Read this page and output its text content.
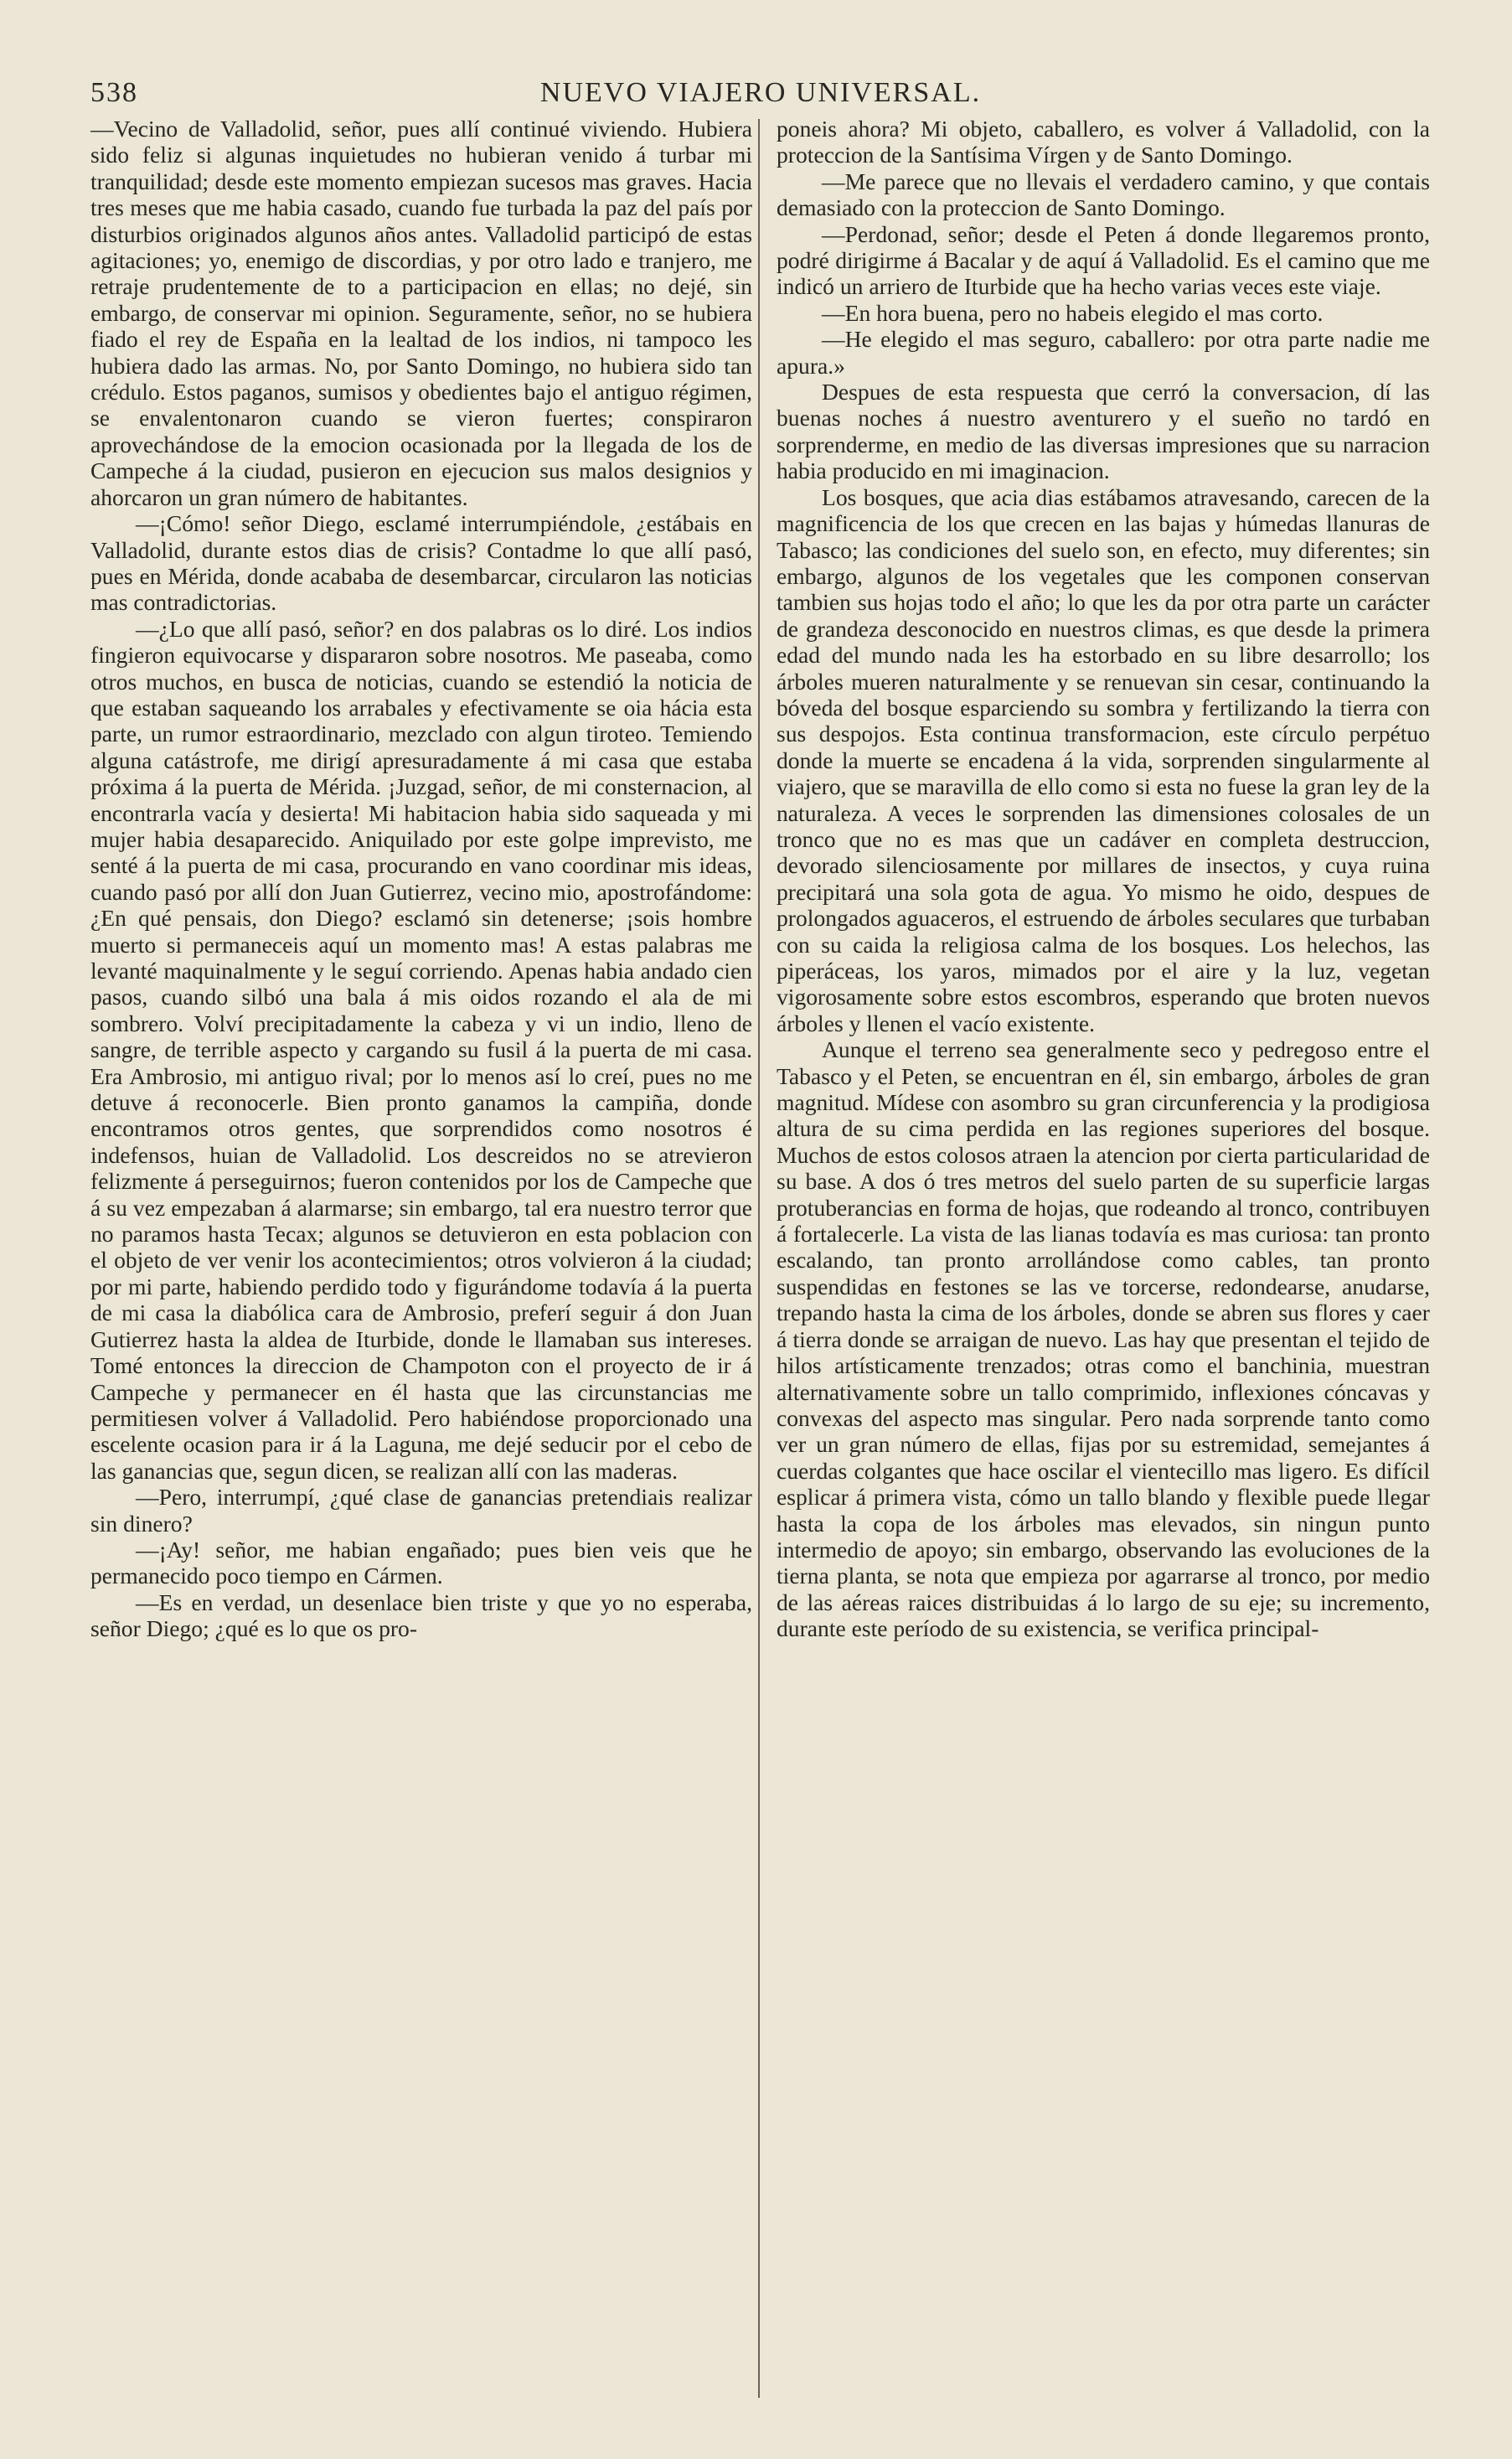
538	NUEVO VIAJERO UNIVERSAL.

—Vecino de Valladolid, señor, pues allí continué viviendo. Hubiera sido feliz si algunas inquietudes no hubieran venido á turbar mi tranquilidad; desde este momento empiezan sucesos mas graves. Hacia tres meses que me habia casado, cuando fue turbada la paz del país por disturbios originados algunos años antes. Valladolid participó de estas agitaciones; yo, enemigo de discordias, y por otro lado e tranjero, me retraje prudentemente de to a participacion en ellas; no dejé, sin embargo, de conservar mi opinion. Seguramente, señor, no se hubiera fiado el rey de España en la lealtad de los indios, ni tampoco les hubiera dado las armas. No, por Santo Domingo, no hubiera sido tan crédulo. Estos paganos, sumisos y obedientes bajo el antiguo régimen, se envalentonaron cuando se vieron fuertes; conspiraron aprovechándose de la emocion ocasionada por la llegada de los de Campeche á la ciudad, pusieron en ejecucion sus malos designios y ahorcaron un gran número de habitantes.

—¡Cómo! señor Diego, esclamé interrumpiéndole, ¿estábais en Valladolid, durante estos dias de crisis? Contadme lo que allí pasó, pues en Mérida, donde acababa de desembarcar, circularon las noticias mas contradictorias.

—¿Lo que allí pasó, señor? en dos palabras os lo diré. Los indios fingieron equivocarse y dispararon sobre nosotros. Me paseaba, como otros muchos, en busca de noticias, cuando se estendió la noticia de que estaban saqueando los arrabales y efectivamente se oia hácia esta parte, un rumor estraordinario, mezclado con algun tiroteo. Temiendo alguna catástrofe, me dirigí apresuradamente á mi casa que estaba próxima á la puerta de Mérida. ¡Juzgad, señor, de mi consternacion, al encontrarla vacía y desierta! Mi habitacion habia sido saqueada y mi mujer habia desaparecido. Aniquilado por este golpe imprevisto, me senté á la puerta de mi casa, procurando en vano coordinar mis ideas, cuando pasó por allí don Juan Gutierrez, vecino mio, apostrofándome: ¿En qué pensais, don Diego? esclamó sin detenerse; ¡sois hombre muerto si permaneceis aquí un momento mas! A estas palabras me levanté maquinalmente y le seguí corriendo. Apenas habia andado cien pasos, cuando silbó una bala á mis oidos rozando el ala de mi sombrero. Volví precipitadamente la cabeza y vi un indio, lleno de sangre, de terrible aspecto y cargando su fusil á la puerta de mi casa. Era Ambrosio, mi antiguo rival; por lo menos así lo creí, pues no me detuve á reconocerle. Bien pronto ganamos la campiña, donde encontramos otros gentes, que sorprendidos como nosotros é indefensos, huian de Valladolid. Los descreidos no se atrevieron felizmente á perseguirnos; fueron contenidos por los de Campeche que á su vez empezaban á alarmarse; sin embargo, tal era nuestro terror que no paramos hasta Tecax; algunos se detuvieron en esta poblacion con el objeto de ver venir los acontecimientos; otros volvieron á la ciudad; por mi parte, habiendo perdido todo y figurándome todavía á la puerta de mi casa la diabólica cara de Ambrosio, preferí seguir á don Juan Gutierrez hasta la aldea de Iturbide, donde le llamaban sus intereses. Tomé entonces la direccion de Champoton con el proyecto de ir á Campeche y permanecer en él hasta que las circunstancias me permitiesen volver á Valladolid. Pero habiéndose proporcionado una escelente ocasion para ir á la Laguna, me dejé seducir por el cebo de las ganancias que, segun dicen, se realizan allí con las maderas.

—Pero, interrumpí, ¿qué clase de ganancias pretendiais realizar sin dinero?

—¡Ay! señor, me habian engañado; pues bien veis que he permanecido poco tiempo en Cármen.

—Es en verdad, un desenlace bien triste y que yo no esperaba, señor Diego; ¿qué es lo que os pro-

poneis ahora? Mi objeto, caballero, es volver á Valladolid, con la proteccion de la Santísima Vírgen y de Santo Domingo.

—Me parece que no llevais el verdadero camino, y que contais demasiado con la proteccion de Santo Domingo.

—Perdonad, señor; desde el Peten á donde llegaremos pronto, podré dirigirme á Bacalar y de aquí á Valladolid. Es el camino que me indicó un arriero de Iturbide que ha hecho varias veces este viaje.

—En hora buena, pero no habeis elegido el mas corto.

—He elegido el mas seguro, caballero: por otra parte nadie me apura.»

Despues de esta respuesta que cerró la conversacion, dí las buenas noches á nuestro aventurero y el sueño no tardó en sorprenderme, en medio de las diversas impresiones que su narracion habia producido en mi imaginacion.

Los bosques, que acia dias estábamos atravesando, carecen de la magnificencia de los que crecen en las bajas y húmedas llanuras de Tabasco; las condiciones del suelo son, en efecto, muy diferentes; sin embargo, algunos de los vegetales que les componen conservan tambien sus hojas todo el año; lo que les da por otra parte un carácter de grandeza desconocido en nuestros climas, es que desde la primera edad del mundo nada les ha estorbado en su libre desarrollo; los árboles mueren naturalmente y se renuevan sin cesar, continuando la bóveda del bosque esparciendo su sombra y fertilizando la tierra con sus despojos. Esta continua transformacion, este círculo perpétuo donde la muerte se encadena á la vida, sorprenden singularmente al viajero, que se maravilla de ello como si esta no fuese la gran ley de la naturaleza. A veces le sorprenden las dimensiones colosales de un tronco que no es mas que un cadáver en completa destruccion, devorado silenciosamente por millares de insectos, y cuya ruina precipitará una sola gota de agua. Yo mismo he oido, despues de prolongados aguaceros, el estruendo de árboles seculares que turbaban con su caida la religiosa calma de los bosques. Los helechos, las piperáceas, los yaros, mimados por el aire y la luz, vegetan vigorosamente sobre estos escombros, esperando que broten nuevos árboles y llenen el vacío existente.

Aunque el terreno sea generalmente seco y pedregoso entre el Tabasco y el Peten, se encuentran en él, sin embargo, árboles de gran magnitud. Mídese con asombro su gran circunferencia y la prodigiosa altura de su cima perdida en las regiones superiores del bosque. Muchos de estos colosos atraen la atencion por cierta particularidad de su base. A dos ó tres metros del suelo parten de su superficie largas protuberancias en forma de hojas, que rodeando al tronco, contribuyen á fortalecerle. La vista de las lianas todavía es mas curiosa: tan pronto escalando, tan pronto arrollándose como cables, tan pronto suspendidas en festones se las ve torcerse, redondearse, anudarse, trepando hasta la cima de los árboles, donde se abren sus flores y caer á tierra donde se arraigan de nuevo. Las hay que presentan el tejido de hilos artísticamente trenzados; otras como el banchinia, muestran alternativamente sobre un tallo comprimido, inflexiones cóncavas y convexas del aspecto mas singular. Pero nada sorprende tanto como ver un gran número de ellas, fijas por su estremidad, semejantes á cuerdas colgantes que hace oscilar el vientecillo mas ligero. Es difícil esplicar á primera vista, cómo un tallo blando y flexible puede llegar hasta la copa de los árboles mas elevados, sin ningun punto intermedio de apoyo; sin embargo, observando las evoluciones de la tierna planta, se nota que empieza por agarrarse al tronco, por medio de las aéreas raices distribuidas á lo largo de su eje; su incremento, durante este período de su existencia, se verifica principal-
